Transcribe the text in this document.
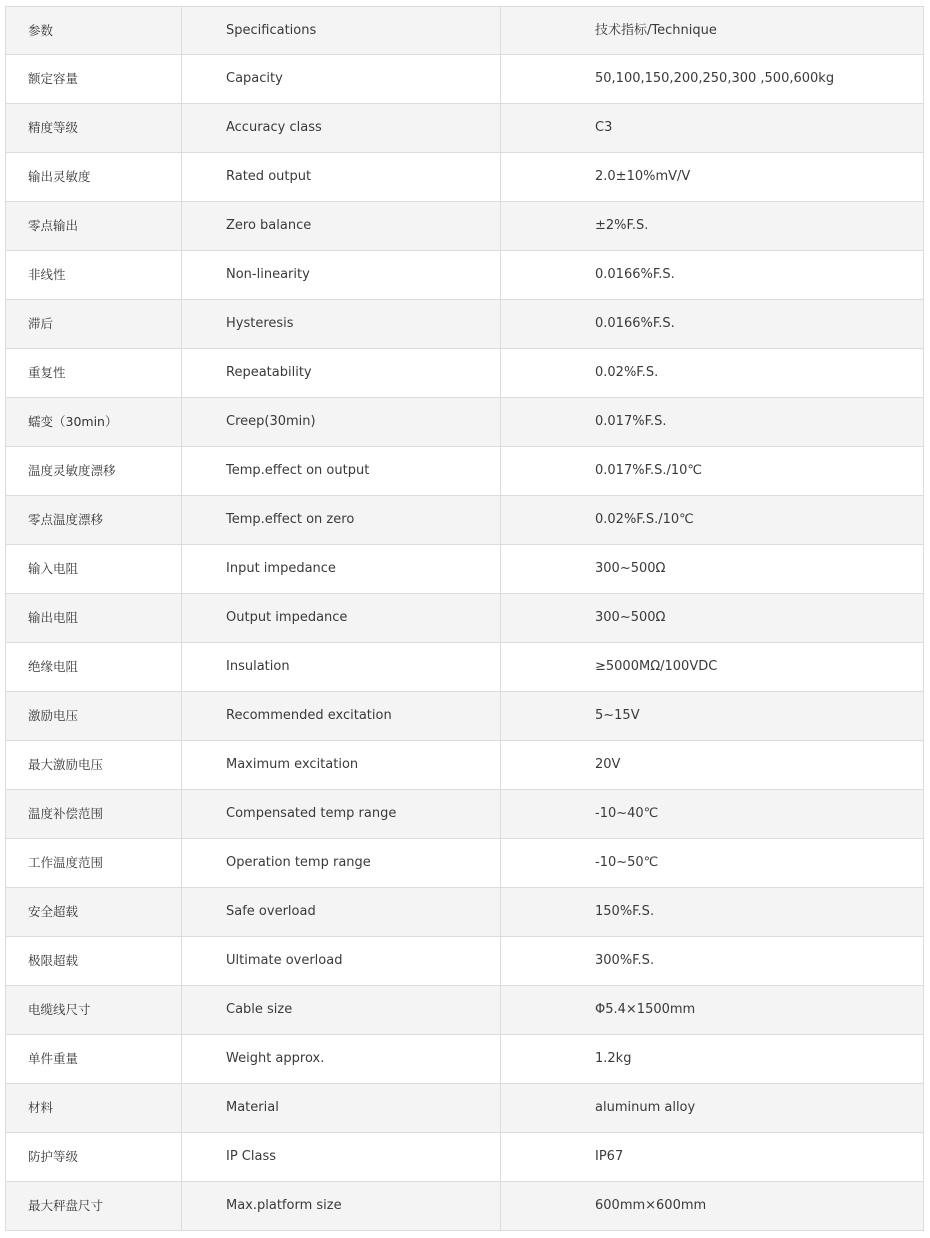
参数	Specifications	技术指标/Technique
额定容量	Capacity	50,100,150,200,250,300 ,500,600kg
精度等级	Accuracy class	C3
输出灵敏度	Rated output	2.0±10%mV/V
零点输出	Zero balance	±2%F.S.
非线性	Non-linearity	0.0166%F.S.
滞后	Hysteresis	0.0166%F.S.
重复性	Repeatability	0.02%F.S.
蠕变（30min）	Creep(30min)	0.017%F.S.
温度灵敏度漂移	Temp.effect on output	0.017%F.S./10℃
零点温度漂移	Temp.effect on zero	0.02%F.S./10℃
输入电阻	Input impedance	300~500Ω
输出电阻	Output impedance	300~500Ω
绝缘电阻	Insulation	≥5000MΩ/100VDC
激励电压	Recommended excitation	5~15V
最大激励电压	Maximum excitation	20V
温度补偿范围	Compensated temp range	-10~40℃
工作温度范围	Operation temp range	-10~50℃
安全超载	Safe overload	150%F.S.
极限超载	Ultimate overload	300%F.S.
电缆线尺寸	Cable size	Φ5.4×1500mm
单件重量	Weight approx.	1.2kg
材料	Material	aluminum alloy
防护等级	IP Class	IP67
最大秤盘尺寸	Max.platform size	600mm×600mm
